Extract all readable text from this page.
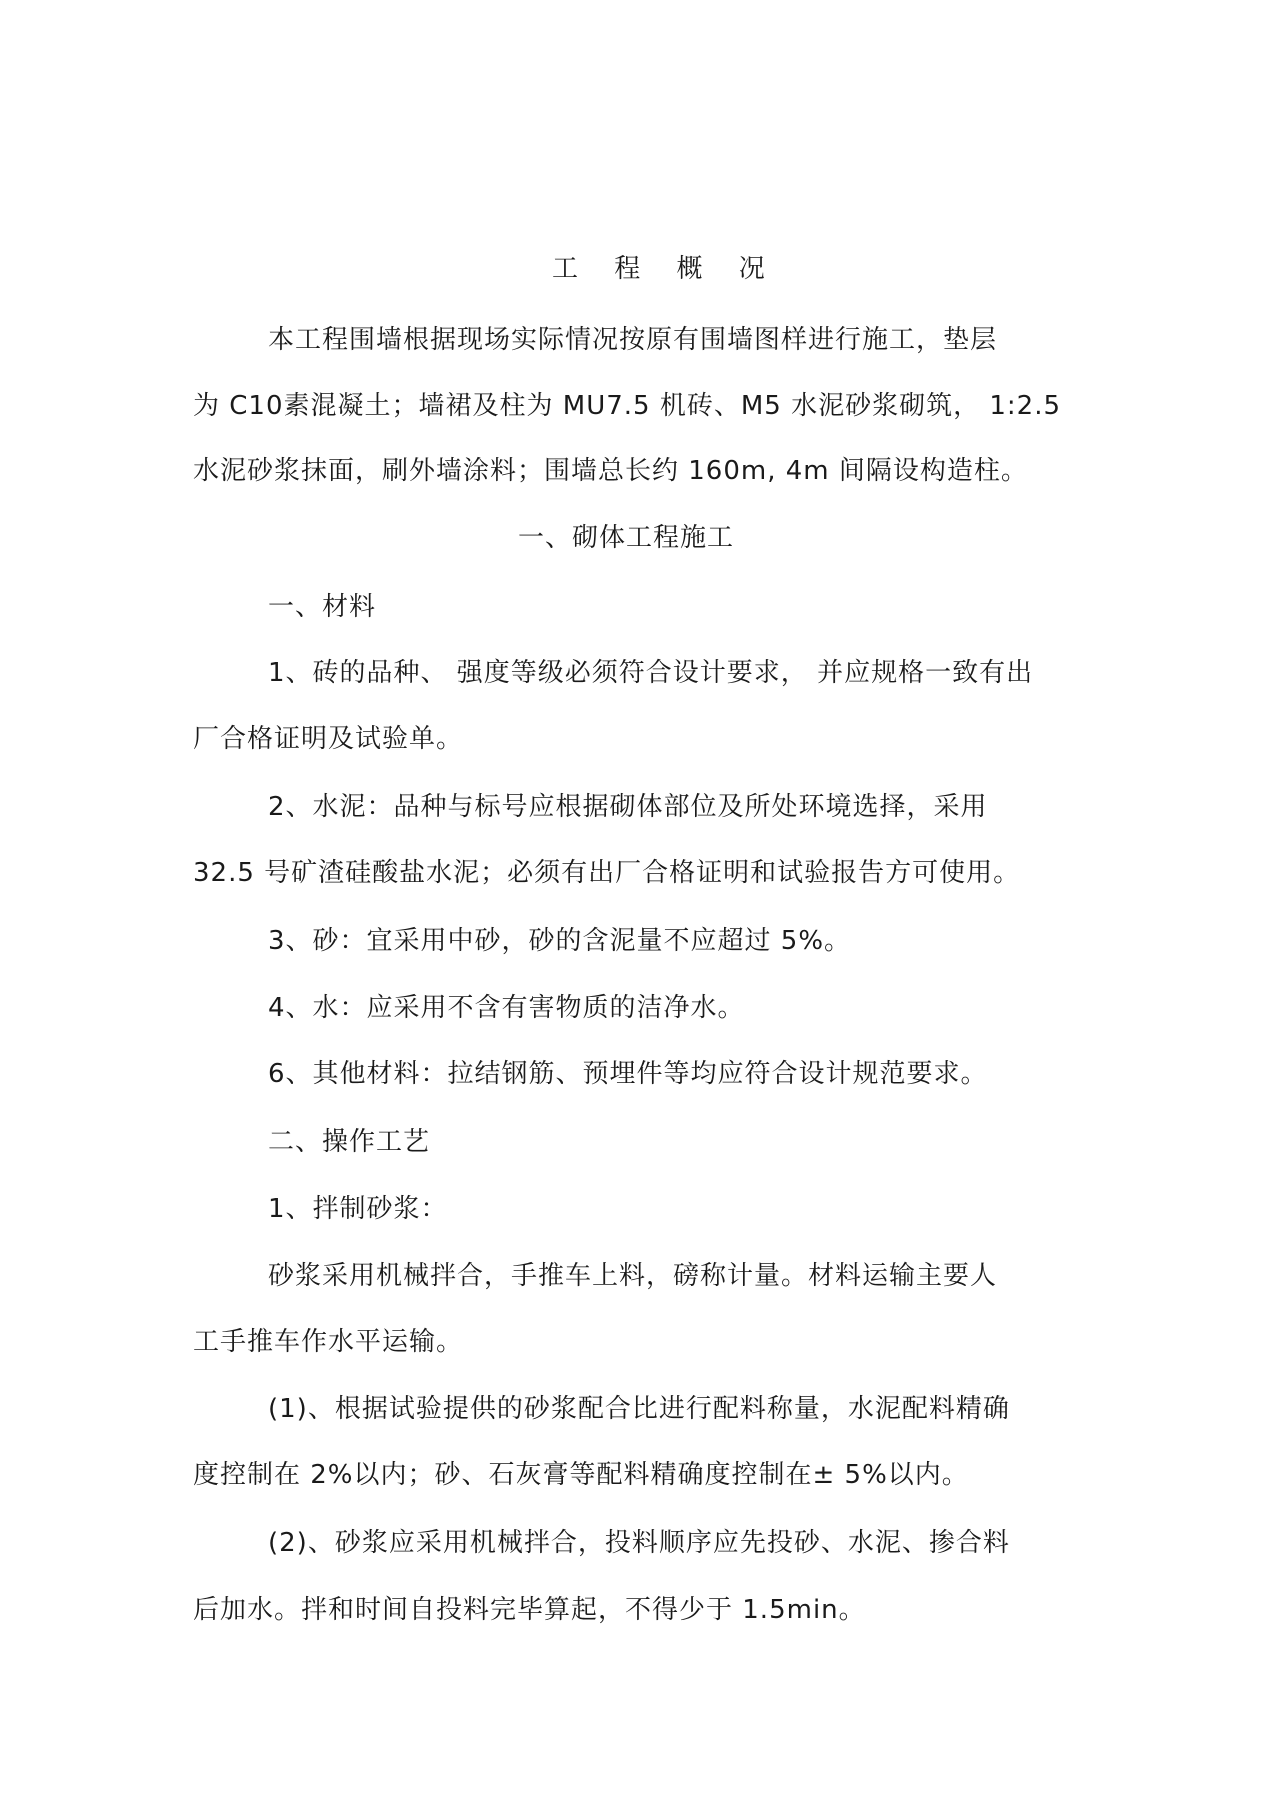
工 程 概 况
本工程围墙根据现场实际情况按原有围墙图样进行施工，垫层
为 C10素混凝土；墙裙及柱为 MU7.5 机砖、M5 水泥砂浆砌筑， 1:2.5
水泥砂浆抹面，刷外墙涂料；围墙总长约 160m, 4m 间隔设构造柱。
一、砌体工程施工
一、材料
1、砖的品种、 强度等级必须符合设计要求， 并应规格一致有出
厂合格证明及试验单。
2、水泥：品种与标号应根据砌体部位及所处环境选择，采用
32.5 号矿渣硅酸盐水泥；必须有出厂合格证明和试验报告方可使用。
3、砂：宜采用中砂，砂的含泥量不应超过 5%。
4、水：应采用不含有害物质的洁净水。
6、其他材料：拉结钢筋、预埋件等均应符合设计规范要求。
二、操作工艺
1、拌制砂浆：
砂浆采用机械拌合，手推车上料，磅称计量。材料运输主要人
工手推车作水平运输。
(1)、根据试验提供的砂浆配合比进行配料称量，水泥配料精确
度控制在 2%以内；砂、石灰膏等配料精确度控制在± 5%以内。
(2)、砂浆应采用机械拌合，投料顺序应先投砂、水泥、掺合料
后加水。拌和时间自投料完毕算起，不得少于 1.5min。
